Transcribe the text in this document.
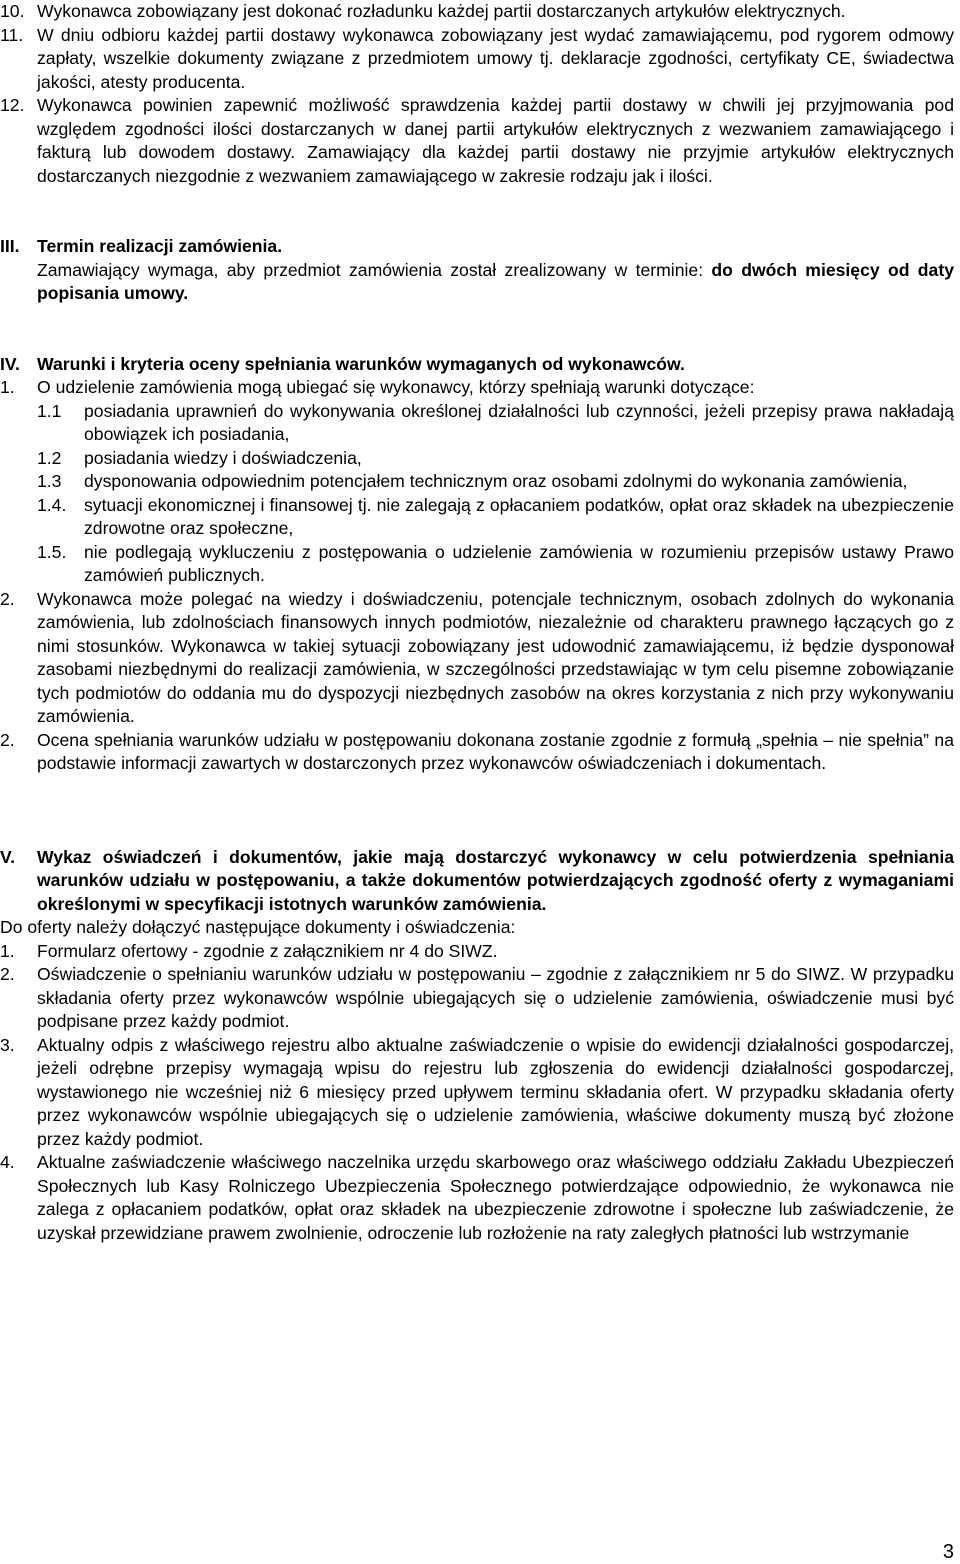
10. Wykonawca zobowiązany jest dokonać rozładunku każdej partii dostarczanych artykułów elektrycznych.
11. W dniu odbioru każdej partii dostawy wykonawca zobowiązany jest wydać zamawiającemu, pod rygorem odmowy zapłaty, wszelkie dokumenty związane z przedmiotem umowy tj. deklaracje zgodności, certyfikaty CE, świadectwa jakości, atesty producenta.
12. Wykonawca powinien zapewnić możliwość sprawdzenia każdej partii dostawy w chwili jej przyjmowania pod względem zgodności ilości dostarczanych w danej partii artykułów elektrycznych z wezwaniem zamawiającego i fakturą lub dowodem dostawy. Zamawiający dla każdej partii dostawy nie przyjmie artykułów elektrycznych dostarczanych niezgodnie z wezwaniem zamawiającego w zakresie rodzaju jak i ilości.
III. Termin realizacji zamówienia.
Zamawiający wymaga, aby przedmiot zamówienia został zrealizowany w terminie: do dwóch miesięcy od daty popisania umowy.
IV. Warunki i kryteria oceny spełniania warunków wymaganych od wykonawców.
1. O udzielenie zamówienia mogą ubiegać się wykonawcy, którzy spełniają warunki dotyczące:
1.1 posiadania uprawnień do wykonywania określonej działalności lub czynności, jeżeli przepisy prawa nakładają obowiązek ich posiadania,
1.2 posiadania wiedzy i doświadczenia,
1.3 dysponowania odpowiednim potencjałem technicznym oraz osobami zdolnymi do wykonania zamówienia,
1.4. sytuacji ekonomicznej i finansowej tj. nie zalegają z opłacaniem podatków, opłat oraz składek na ubezpieczenie zdrowotne oraz społeczne,
1.5. nie podlegają wykluczeniu z postępowania o udzielenie zamówienia w rozumieniu przepisów ustawy Prawo zamówień publicznych.
2. Wykonawca może polegać na wiedzy i doświadczeniu, potencjale technicznym, osobach zdolnych do wykonania zamówienia, lub zdolnościach finansowych innych podmiotów, niezależnie od charakteru prawnego łączących go z nimi stosunków. Wykonawca w takiej sytuacji zobowiązany jest udowodnić zamawiającemu, iż będzie dysponował zasobami niezbędnymi do realizacji zamówienia, w szczególności przedstawiając w tym celu pisemne zobowiązanie tych podmiotów do oddania mu do dyspozycji niezbędnych zasobów na okres korzystania z nich przy wykonywaniu zamówienia.
2. Ocena spełniania warunków udziału w postępowaniu dokonana zostanie zgodnie z formułą „spełnia – nie spełnia” na podstawie informacji zawartych w dostarczonych przez wykonawców oświadczeniach i dokumentach.
V. Wykaz oświadczeń i dokumentów, jakie mają dostarczyć wykonawcy w celu potwierdzenia spełniania warunków udziału w postępowaniu, a także dokumentów potwierdzających zgodność oferty z wymaganiami określonymi w specyfikacji istotnych warunków zamówienia.
Do oferty należy dołączyć następujące dokumenty i oświadczenia:
1. Formularz ofertowy - zgodnie z załącznikiem nr 4 do SIWZ.
2. Oświadczenie o spełnianiu warunków udziału w postępowaniu – zgodnie z załącznikiem nr 5 do SIWZ. W przypadku składania oferty przez wykonawców wspólnie ubiegających się o udzielenie zamówienia, oświadczenie musi być podpisane przez każdy podmiot.
3. Aktualny odpis z właściwego rejestru albo aktualne zaświadczenie o wpisie do ewidencji działalności gospodarczej, jeżeli odrębne przepisy wymagają wpisu do rejestru lub zgłoszenia do ewidencji działalności gospodarczej, wystawionego nie wcześniej niż 6 miesięcy przed upływem terminu składania ofert. W przypadku składania oferty przez wykonawców wspólnie ubiegających się o udzielenie zamówienia, właściwe dokumenty muszą być złożone przez każdy podmiot.
4. Aktualne zaświadczenie właściwego naczelnika urzędu skarbowego oraz właściwego oddziału Zakładu Ubezpieczeń Społecznych lub Kasy Rolniczego Ubezpieczenia Społecznego potwierdzające odpowiednio, że wykonawca nie zalega z opłacaniem podatków, opłat oraz składek na ubezpieczenie zdrowotne i społeczne lub zaświadczenie, że uzyskał przewidziane prawem zwolnienie, odroczenie lub rozłożenie na raty zaległych płatności lub wstrzymanie
3
